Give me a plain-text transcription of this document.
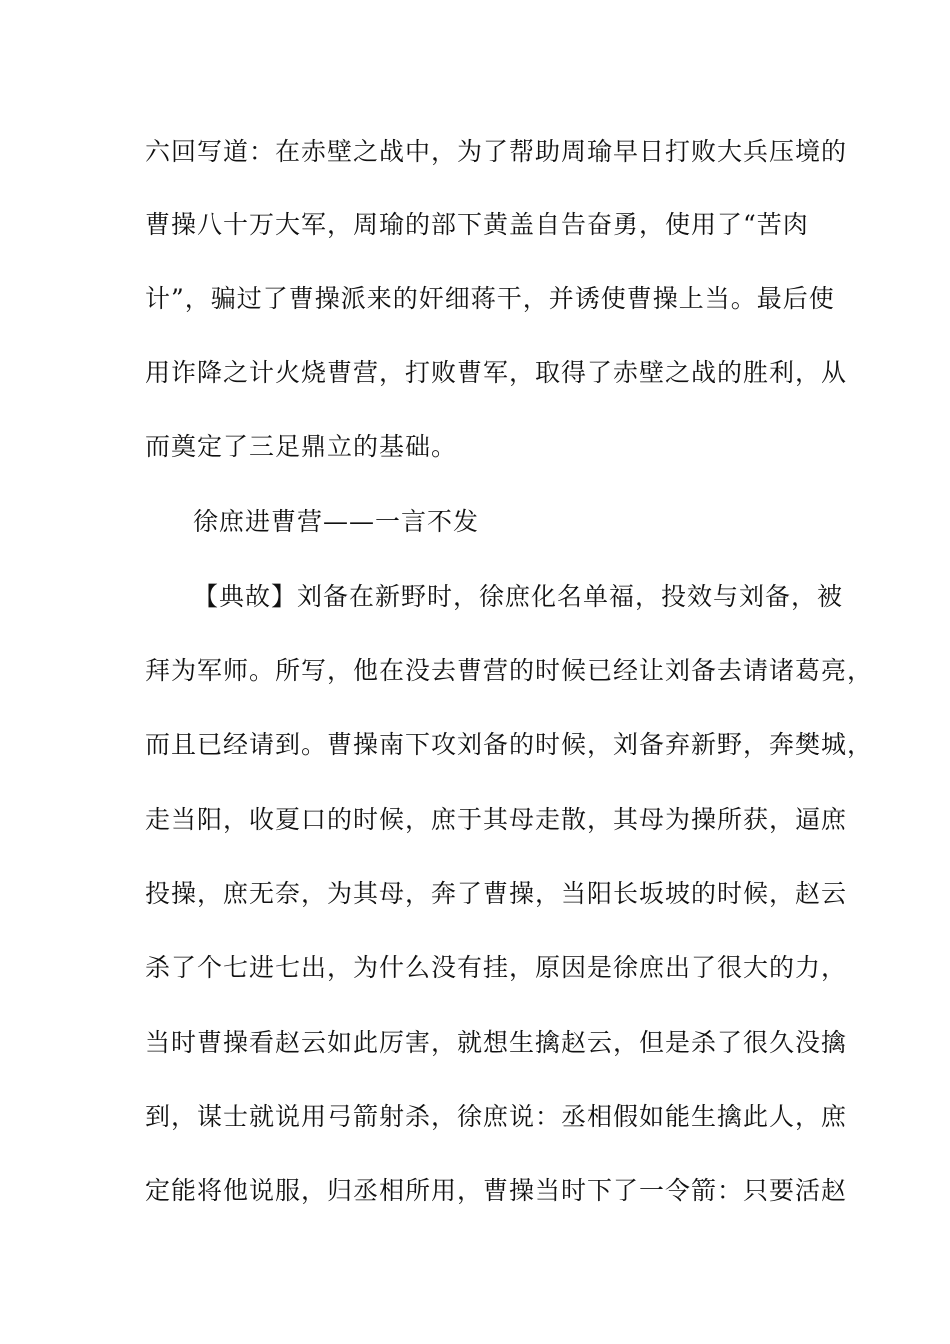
六回写道：在赤壁之战中，为了帮助周瑜早日打败大兵压境的
曹操八十万大军，周瑜的部下黄盖自告奋勇，使用了“苦肉
计”，骗过了曹操派来的奸细蒋干，并诱使曹操上当。最后使
用诈降之计火烧曹营，打败曹军，取得了赤壁之战的胜利，从
而奠定了三足鼎立的基础。
徐庶进曹营——一言不发
【典故】刘备在新野时，徐庶化名单福，投效与刘备，被
拜为军师。所写，他在没去曹营的时候已经让刘备去请诸葛亮，
而且已经请到。曹操南下攻刘备的时候，刘备弃新野，奔樊城，
走当阳，收夏口的时候，庶于其母走散，其母为操所获，逼庶
投操，庶无奈，为其母，奔了曹操，当阳长坂坡的时候，赵云
杀了个七进七出，为什么没有挂，原因是徐庶出了很大的力，
当时曹操看赵云如此厉害，就想生擒赵云，但是杀了很久没擒
到，谋士就说用弓箭射杀，徐庶说：丞相假如能生擒此人，庶
定能将他说服，归丞相所用，曹操当时下了一令箭：只要活赵
